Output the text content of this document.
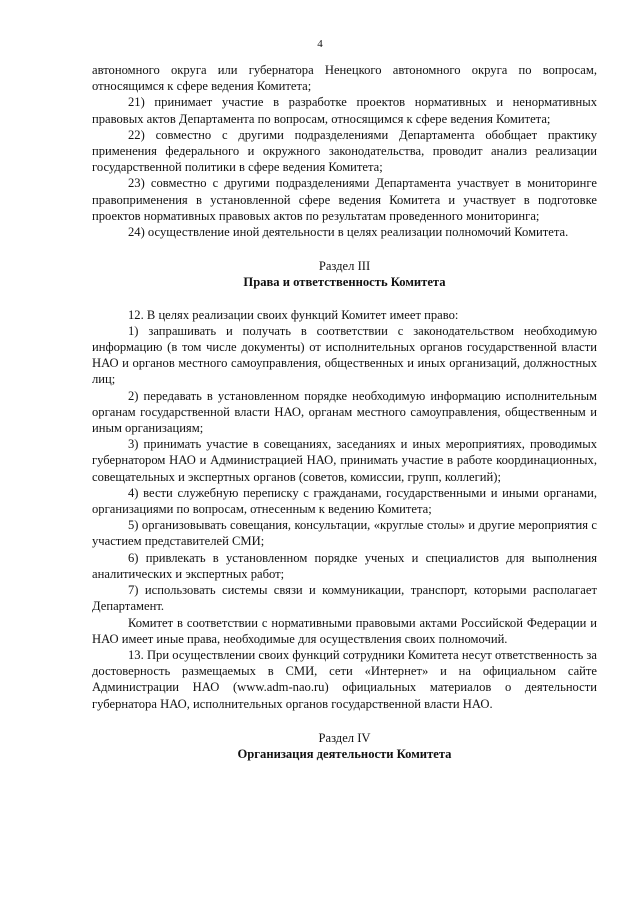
4

автономного округа или губернатора Ненецкого автономного округа по вопросам, относящимся к сфере ведения Комитета;

21) принимает участие в разработке проектов нормативных и ненормативных правовых актов Департамента по вопросам, относящимся к сфере ведения Комитета;

22) совместно с другими подразделениями Департамента обобщает практику применения федерального и окружного законодательства, проводит анализ реализации государственной политики в сфере ведения Комитета;

23) совместно с другими подразделениями Департамента участвует в мониторинге правоприменения в установленной сфере ведения Комитета и участвует в подготовке проектов нормативных правовых актов по результатам проведенного мониторинга;

24) осуществление иной деятельности в целях реализации полномочий Комитета.

Раздел III

Права и ответственность Комитета

12. В целях реализации своих функций Комитет имеет право:

1) запрашивать и получать в соответствии с законодательством необходимую информацию (в том числе документы) от исполнительных органов государственной власти НАО и органов местного самоуправления, общественных и иных организаций, должностных лиц;

2) передавать в установленном порядке необходимую информацию исполнительным органам государственной власти НАО, органам местного самоуправления, общественным и иным организациям;

3) принимать участие в совещаниях, заседаниях и иных мероприятиях, проводимых губернатором НАО и Администрацией НАО, принимать участие в работе координационных, совещательных и экспертных органов (советов, комиссии, групп, коллегий);

4) вести служебную переписку с гражданами, государственными и иными органами, организациями по вопросам, отнесенным к ведению Комитета;

5) организовывать совещания, консультации, «круглые столы» и другие мероприятия с участием представителей СМИ;

6) привлекать в установленном порядке ученых и специалистов для выполнения аналитических и экспертных работ;

7) использовать системы связи и коммуникации, транспорт, которыми располагает Департамент.

Комитет в соответствии с нормативными правовыми актами Российской Федерации и НАО имеет иные права, необходимые для осуществления своих полномочий.

13. При осуществлении своих функций сотрудники Комитета несут ответственность за достоверность размещаемых в СМИ, сети «Интернет» и на официальном сайте Администрации НАО (www.adm-nao.ru) официальных материалов о деятельности губернатора НАО, исполнительных органов государственной власти НАО.

Раздел IV

Организация деятельности Комитета
